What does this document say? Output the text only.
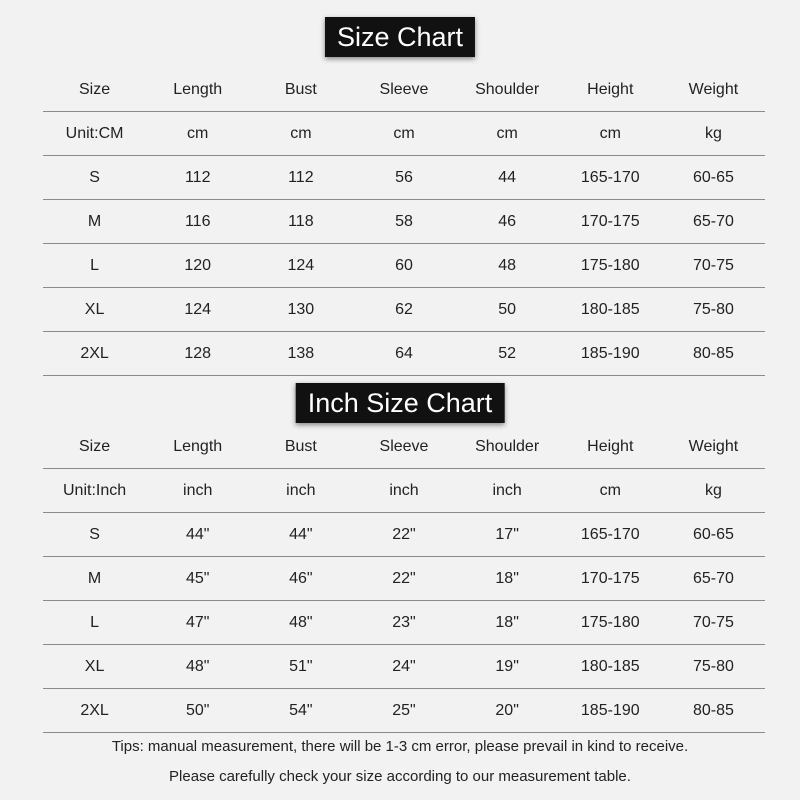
Size Chart
Size	Length	Bust	Sleeve	Shoulder	Height	Weight
Unit:CM	cm	cm	cm	cm	cm	kg
S	112	112	56	44	165-170	60-65
M	116	118	58	46	170-175	65-70
L	120	124	60	48	175-180	70-75
XL	124	130	62	50	180-185	75-80
2XL	128	138	64	52	185-190	80-85
Inch Size Chart
Size	Length	Bust	Sleeve	Shoulder	Height	Weight
Unit:Inch	inch	inch	inch	inch	cm	kg
S	44"	44"	22"	17"	165-170	60-65
M	45"	46"	22"	18"	170-175	65-70
L	47"	48"	23"	18"	175-180	70-75
XL	48"	51"	24"	19"	180-185	75-80
2XL	50"	54"	25"	20"	185-190	80-85
Tips: manual measurement, there will be 1-3 cm error, please prevail in kind to receive.
Please carefully check your size according to our measurement table.
